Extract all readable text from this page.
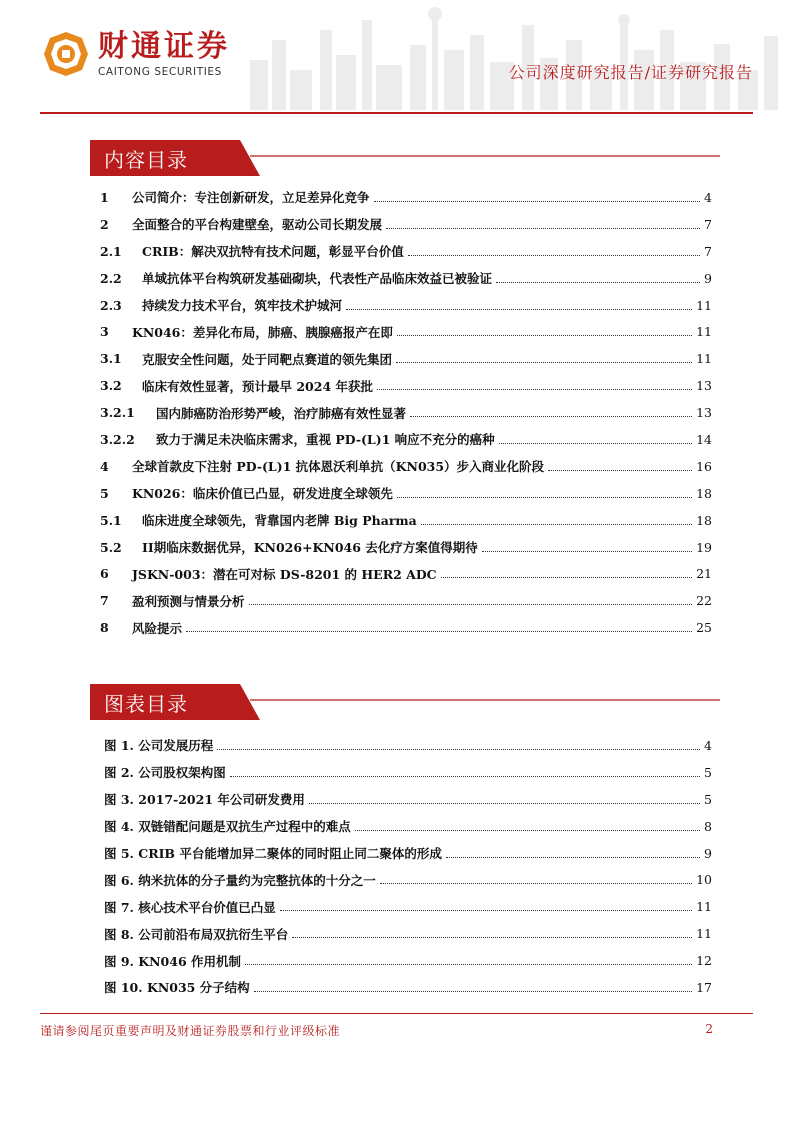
财通证券
CAITONG SECURITIES	公司深度研究报告/证券研究报告
内容目录
1	公司简介：专注创新研发，立足差异化竞争	4
2	全面整合的平台构建壁垒，驱动公司长期发展	7
2.1	CRIB：解决双抗特有技术问题，彰显平台价值	7
2.2	单域抗体平台构筑研发基础砌块，代表性产品临床效益已被验证	9
2.3	持续发力技术平台，筑牢技术护城河	11
3	KN046：差异化布局，肺癌、胰腺癌报产在即	11
3.1	克服安全性问题，处于同靶点赛道的领先集团	11
3.2	临床有效性显著，预计最早 2024 年获批	13
3.2.1	国内肺癌防治形势严峻，治疗肺癌有效性显著	13
3.2.2	致力于满足未决临床需求，重视 PD-(L)1 响应不充分的癌种	14
4	全球首款皮下注射 PD-(L)1 抗体恩沃利单抗（KN035）步入商业化阶段	16
5	KN026：临床价值已凸显，研发进度全球领先	18
5.1	临床进度全球领先，背靠国内老牌 Big Pharma	18
5.2	II期临床数据优异，KN026+KN046 去化疗方案值得期待	19
6	JSKN-003：潜在可对标 DS-8201 的 HER2 ADC	21
7	盈利预测与情景分析	22
8	风险提示	25
图表目录
图 1. 公司发展历程	4
图 2. 公司股权架构图	5
图 3. 2017-2021 年公司研发费用	5
图 4. 双链错配问题是双抗生产过程中的难点	8
图 5. CRIB 平台能增加异二聚体的同时阻止同二聚体的形成	9
图 6. 纳米抗体的分子量约为完整抗体的十分之一	10
图 7. 核心技术平台价值已凸显	11
图 8. 公司前沿布局双抗衍生平台	11
图 9. KN046 作用机制	12
图 10. KN035 分子结构	17
谨请参阅尾页重要声明及财通证券股票和行业评级标准	2
